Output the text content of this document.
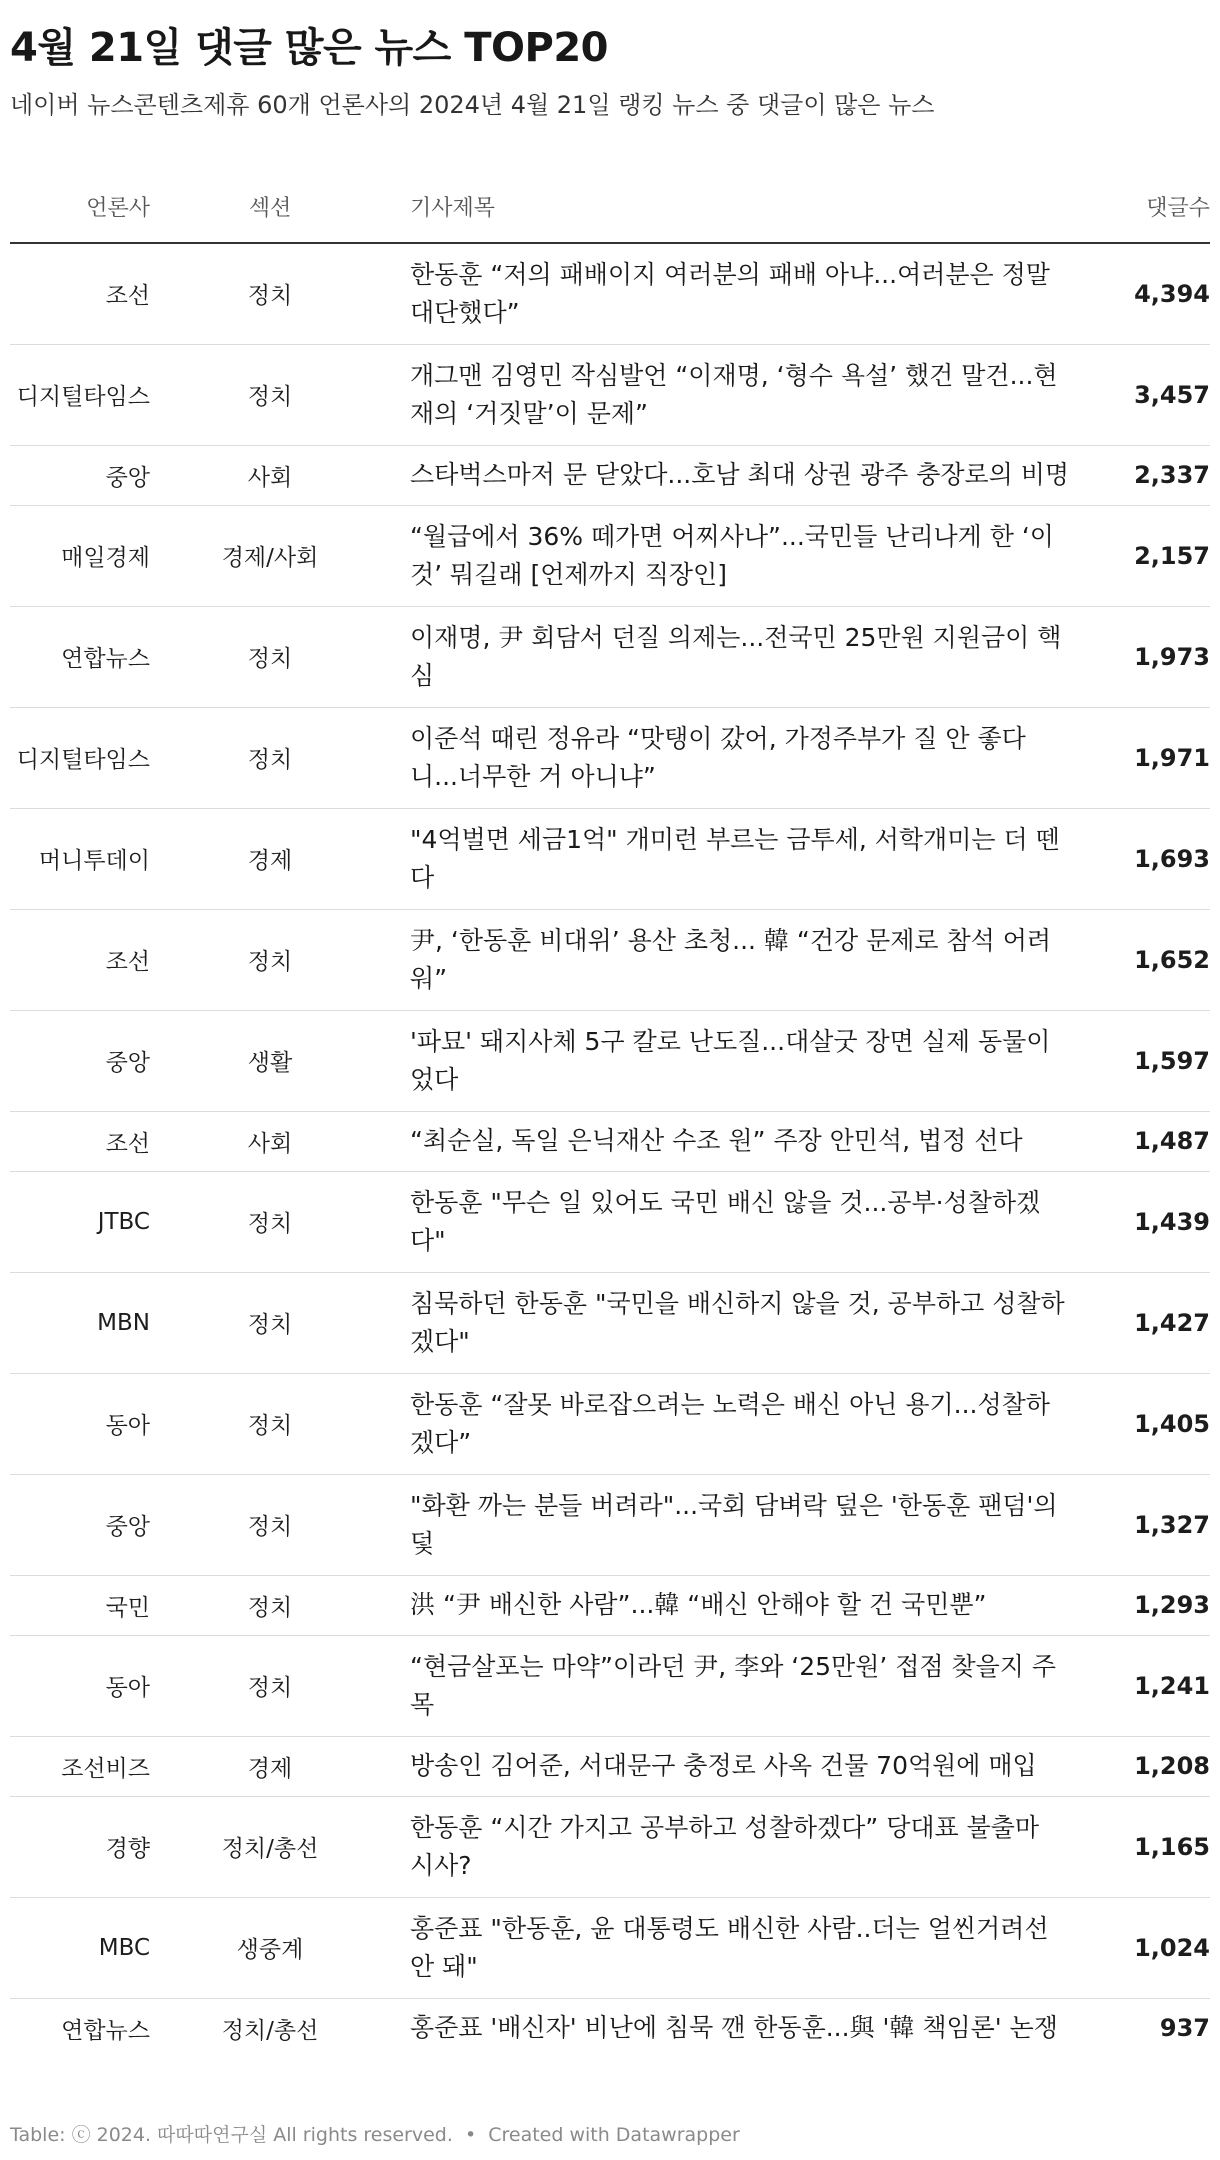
4월 21일 댓글 많은 뉴스 TOP20
네이버 뉴스콘텐츠제휴 60개 언론사의 2024년 4월 21일 랭킹 뉴스 중 댓글이 많은 뉴스
언론사	섹션	기사제목	댓글수
조선	정치	한동훈 “저의 패배이지 여러분의 패배 아냐...여러분은 정말 대단했다”	4,394
디지털타임스	정치	개그맨 김영민 작심발언 “이재명, ‘형수 욕설’ 했건 말건...현재의 ‘거짓말’이 문제”	3,457
중앙	사회	스타벅스마저 문 닫았다...호남 최대 상권 광주 충장로의 비명	2,337
매일경제	경제/사회	“월급에서 36% 떼가면 어찌사나”...국민들 난리나게 한 ‘이것’ 뭐길래 [언제까지 직장인]	2,157
연합뉴스	정치	이재명, 尹 회담서 던질 의제는...전국민 25만원 지원금이 핵심	1,973
디지털타임스	정치	이준석 때린 정유라 “맛탱이 갔어, 가정주부가 질 안 좋다니...너무한 거 아니냐”	1,971
머니투데이	경제	"4억벌면 세금1억" 개미런 부르는 금투세, 서학개미는 더 뗀다	1,693
조선	정치	尹, ‘한동훈 비대위’ 용산 초청... 韓 “건강 문제로 참석 어려워”	1,652
중앙	생활	'파묘' 돼지사체 5구 칼로 난도질...대살굿 장면 실제 동물이었다	1,597
조선	사회	“최순실, 독일 은닉재산 수조 원” 주장 안민석, 법정 선다	1,487
JTBC	정치	한동훈 "무슨 일 있어도 국민 배신 않을 것...공부·성찰하겠다"	1,439
MBN	정치	침묵하던 한동훈 "국민을 배신하지 않을 것, 공부하고 성찰하겠다"	1,427
동아	정치	한동훈 “잘못 바로잡으려는 노력은 배신 아닌 용기...성찰하겠다”	1,405
중앙	정치	"화환 까는 분들 버려라"...국회 담벼락 덮은 '한동훈 팬덤'의 덫	1,327
국민	정치	洪 “尹 배신한 사람”...韓 “배신 안해야 할 건 국민뿐”	1,293
동아	정치	“현금살포는 마약”이라던 尹, 李와 ‘25만원’ 접점 찾을지 주목	1,241
조선비즈	경제	방송인 김어준, 서대문구 충정로 사옥 건물 70억원에 매입	1,208
경향	정치/총선	한동훈 “시간 가지고 공부하고 성찰하겠다” 당대표 불출마 시사?	1,165
MBC	생중계	홍준표 "한동훈, 윤 대통령도 배신한 사람..더는 얼씬거려선 안 돼"	1,024
연합뉴스	정치/총선	홍준표 '배신자' 비난에 침묵 깬 한동훈...與 '韓 책임론' 논쟁	937
Table: ⓒ 2024. 따따따연구실 All rights reserved. • Created with Datawrapper
